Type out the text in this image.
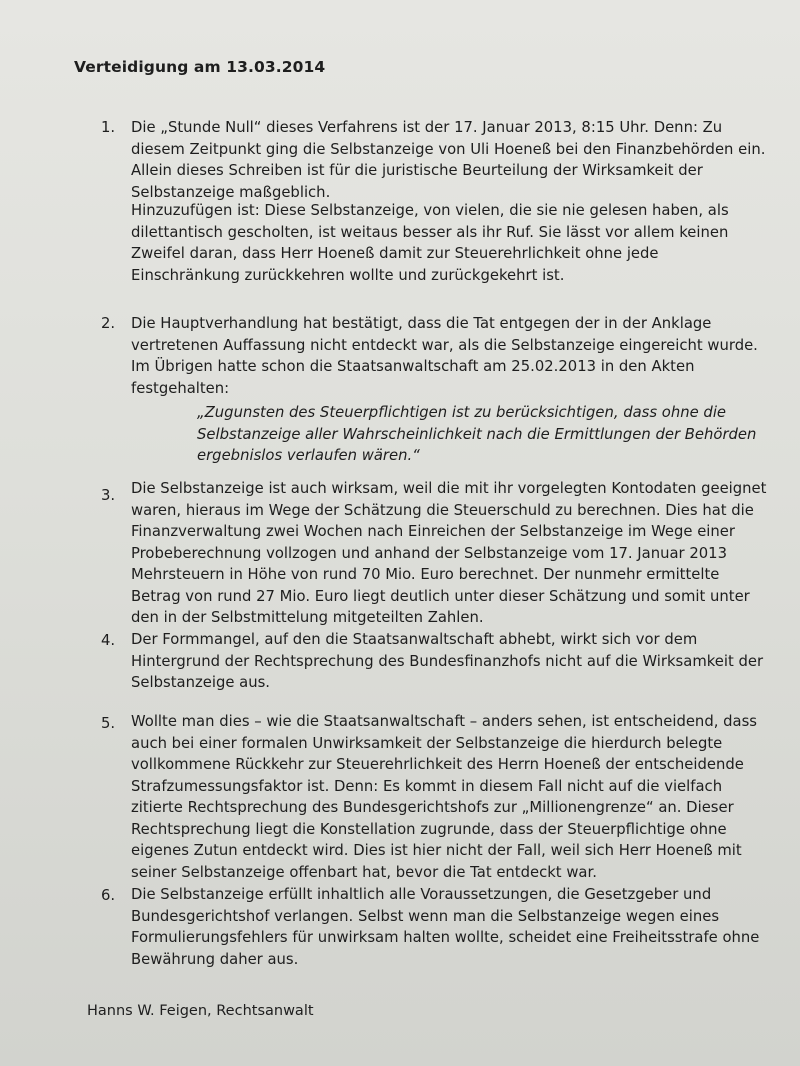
Verteidigung am 13.03.2014
1. Die „Stunde Null“ dieses Verfahrens ist der 17. Januar 2013, 8:15 Uhr. Denn: Zu
diesem Zeitpunkt ging die Selbstanzeige von Uli Hoeneß bei den Finanzbehörden ein.
Allein dieses Schreiben ist für die juristische Beurteilung der Wirksamkeit der
Selbstanzeige maßgeblich.
Hinzuzufügen ist: Diese Selbstanzeige, von vielen, die sie nie gelesen haben, als
dilettantisch gescholten, ist weitaus besser als ihr Ruf. Sie lässt vor allem keinen
Zweifel daran, dass Herr Hoeneß damit zur Steuerehrlichkeit ohne jede
Einschränkung zurückkehren wollte und zurückgekehrt ist.
2. Die Hauptverhandlung hat bestätigt, dass die Tat entgegen der in der Anklage
vertretenen Auffassung nicht entdeckt war, als die Selbstanzeige eingereicht wurde.
Im Übrigen hatte schon die Staatsanwaltschaft am 25.02.2013 in den Akten
festgehalten:
„Zugunsten des Steuerpflichtigen ist zu berücksichtigen, dass ohne die
Selbstanzeige aller Wahrscheinlichkeit nach die Ermittlungen der Behörden
ergebnislos verlaufen wären.“
3. Die Selbstanzeige ist auch wirksam, weil die mit ihr vorgelegten Kontodaten geeignet
waren, hieraus im Wege der Schätzung die Steuerschuld zu berechnen. Dies hat die
Finanzverwaltung zwei Wochen nach Einreichen der Selbstanzeige im Wege einer
Probeberechnung vollzogen und anhand der Selbstanzeige vom 17. Januar 2013
Mehrsteuern in Höhe von rund 70 Mio. Euro berechnet. Der nunmehr ermittelte
Betrag von rund 27 Mio. Euro liegt deutlich unter dieser Schätzung und somit unter
den in der Selbstmittelung mitgeteilten Zahlen.
4. Der Formmangel, auf den die Staatsanwaltschaft abhebt, wirkt sich vor dem
Hintergrund der Rechtsprechung des Bundesfinanzhofs nicht auf die Wirksamkeit der
Selbstanzeige aus.
5. Wollte man dies – wie die Staatsanwaltschaft – anders sehen, ist entscheidend, dass
auch bei einer formalen Unwirksamkeit der Selbstanzeige die hierdurch belegte
vollkommene Rückkehr zur Steuerehrlichkeit des Herrn Hoeneß der entscheidende
Strafzumessungsfaktor ist. Denn: Es kommt in diesem Fall nicht auf die vielfach
zitierte Rechtsprechung des Bundesgerichtshofs zur „Millionengrenze“ an. Dieser
Rechtsprechung liegt die Konstellation zugrunde, dass der Steuerpflichtige ohne
eigenes Zutun entdeckt wird. Dies ist hier nicht der Fall, weil sich Herr Hoeneß mit
seiner Selbstanzeige offenbart hat, bevor die Tat entdeckt war.
6. Die Selbstanzeige erfüllt inhaltlich alle Voraussetzungen, die Gesetzgeber und
Bundesgerichtshof verlangen. Selbst wenn man die Selbstanzeige wegen eines
Formulierungsfehlers für unwirksam halten wollte, scheidet eine Freiheitsstrafe ohne
Bewährung daher aus.
Hanns W. Feigen, Rechtsanwalt
